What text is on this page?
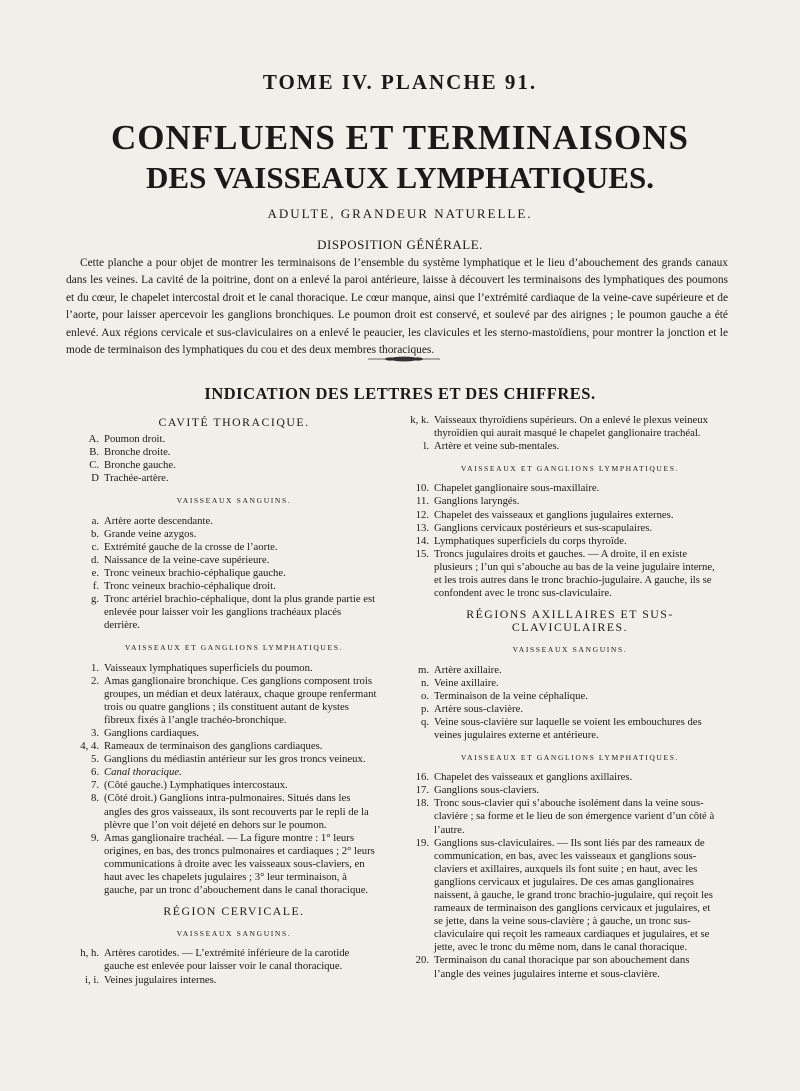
TOME IV. PLANCHE 91.
CONFLUENS ET TERMINAISONS
DES VAISSEAUX LYMPHATIQUES.
ADULTE, GRANDEUR NATURELLE.
DISPOSITION GÉNÉRALE.
Cette planche a pour objet de montrer les terminaisons de l’ensemble du système lymphatique et le lieu d’abouchement des grands canaux dans les veines. La cavité de la poitrine, dont on a enlevé la paroi antérieure, laisse à découvert les terminaisons des lymphatiques des poumons et du cœur, le chapelet intercostal droit et le canal thoracique. Le cœur manque, ainsi que l’extrémité cardiaque de la veine-cave supérieure et de l’aorte, pour laisser apercevoir les ganglions bronchiques. Le poumon droit est conservé, et soulevé par des airignes ; le poumon gauche a été enlevé. Aux régions cervicale et sus-claviculaires on a enlevé le peaucier, les clavicules et les sterno-mastoïdiens, pour montrer la jonction et le mode de terminaison des lymphatiques du cou et des deux membres thoraciques.
INDICATION DES LETTRES ET DES CHIFFRES.
CAVITÉ THORACIQUE.
A. Poumon droit.
B. Bronche droite.
C. Bronche gauche.
D Trachée-artère.
VAISSEAUX SANGUINS.
a. Artère aorte descendante.
b. Grande veine azygos.
c. Extrémité gauche de la crosse de l’aorte.
d. Naissance de la veine-cave supérieure.
e. Tronc veineux brachio-céphalique gauche.
f. Tronc veineux brachio-céphalique droit.
g. Tronc artériel brachio-céphalique, dont la plus grande partie est enlevée pour laisser voir les ganglions trachéaux placés derrière.
VAISSEAUX ET GANGLIONS LYMPHATIQUES.
1. Vaisseaux lymphatiques superficiels du poumon.
2. Amas ganglionaire bronchique. Ces ganglions composent trois groupes, un médian et deux latéraux, chaque groupe renfermant trois ou quatre ganglions ; ils constituent autant de kystes fibreux fixés à l’angle trachéo-bronchique.
3. Ganglions cardiaques.
4, 4. Rameaux de terminaison des ganglions cardiaques.
5. Ganglions du médiastin antérieur sur les gros troncs veineux.
6. Canal thoracique.
7. (Côté gauche.) Lymphatiques intercostaux.
8. (Côté droit.) Ganglions intra-pulmonaires. Situés dans les angles des gros vaisseaux, ils sont recouverts par le repli de la plèvre que l’on voit déjeté en dehors sur le poumon.
9. Amas ganglionaire trachéal. — La figure montre : 1° leurs origines, en bas, des troncs pulmonaires et cardiaques ; 2° leurs communications à droite avec les vaisseaux sous-claviers, en haut avec les chapelets jugulaires ; 3° leur terminaison, à gauche, par un tronc d’abouchement dans le canal thoracique.
RÉGION CERVICALE.
VAISSEAUX SANGUINS.
h, h. Artères carotides. — L’extrémité inférieure de la carotide gauche est enlevée pour laisser voir le canal thoracique.
i, i. Veines jugulaires internes.
k, k. Vaisseaux thyroïdiens supérieurs. On a enlevé le plexus veineux thyroïdien qui aurait masqué le chapelet ganglionaire trachéal.
l. Artère et veine sub-mentales.
VAISSEAUX ET GANGLIONS LYMPHATIQUES.
10. Chapelet ganglionaire sous-maxillaire.
11. Ganglions laryngés.
12. Chapelet des vaisseaux et ganglions jugulaires externes.
13. Ganglions cervicaux postérieurs et sus-scapulaires.
14. Lymphatiques superficiels du corps thyroïde.
15. Troncs jugulaires droits et gauches. — A droite, il en existe plusieurs ; l’un qui s’abouche au bas de la veine jugulaire interne, et les trois autres dans le tronc brachio-jugulaire. A gauche, ils se confondent avec le tronc sus-claviculaire.
RÉGIONS AXILLAIRES ET SUS-CLAVICULAIRES.
VAISSEAUX SANGUINS.
m. Artère axillaire.
n. Veine axillaire.
o. Terminaison de la veine céphalique.
p. Artère sous-clavière.
q. Veine sous-clavière sur laquelle se voient les embouchures des veines jugulaires externe et antérieure.
VAISSEAUX ET GANGLIONS LYMPHATIQUES.
16. Chapelet des vaisseaux et ganglions axillaires.
17. Ganglions sous-claviers.
18. Tronc sous-clavier qui s’abouche isolément dans la veine sous-clavière ; sa forme et le lieu de son émergence varient d’un côté à l’autre.
19. Ganglions sus-claviculaires. — Ils sont liés par des rameaux de communication, en bas, avec les vaisseaux et ganglions sous-claviers et axillaires, auxquels ils font suite ; en haut, avec les ganglions cervicaux et jugulaires. De ces amas ganglionaires naissent, à gauche, le grand tronc brachio-jugulaire, qui reçoit les rameaux de terminaison des ganglions cervicaux et jugulaires, et se jette, dans la veine sous-clavière ; à gauche, un tronc sus-claviculaire qui reçoit les rameaux cardiaques et jugulaires, et se jette, avec le tronc du même nom, dans le canal thoracique.
20. Terminaison du canal thoracique par son abouchement dans l’angle des veines jugulaires interne et sous-clavière.
